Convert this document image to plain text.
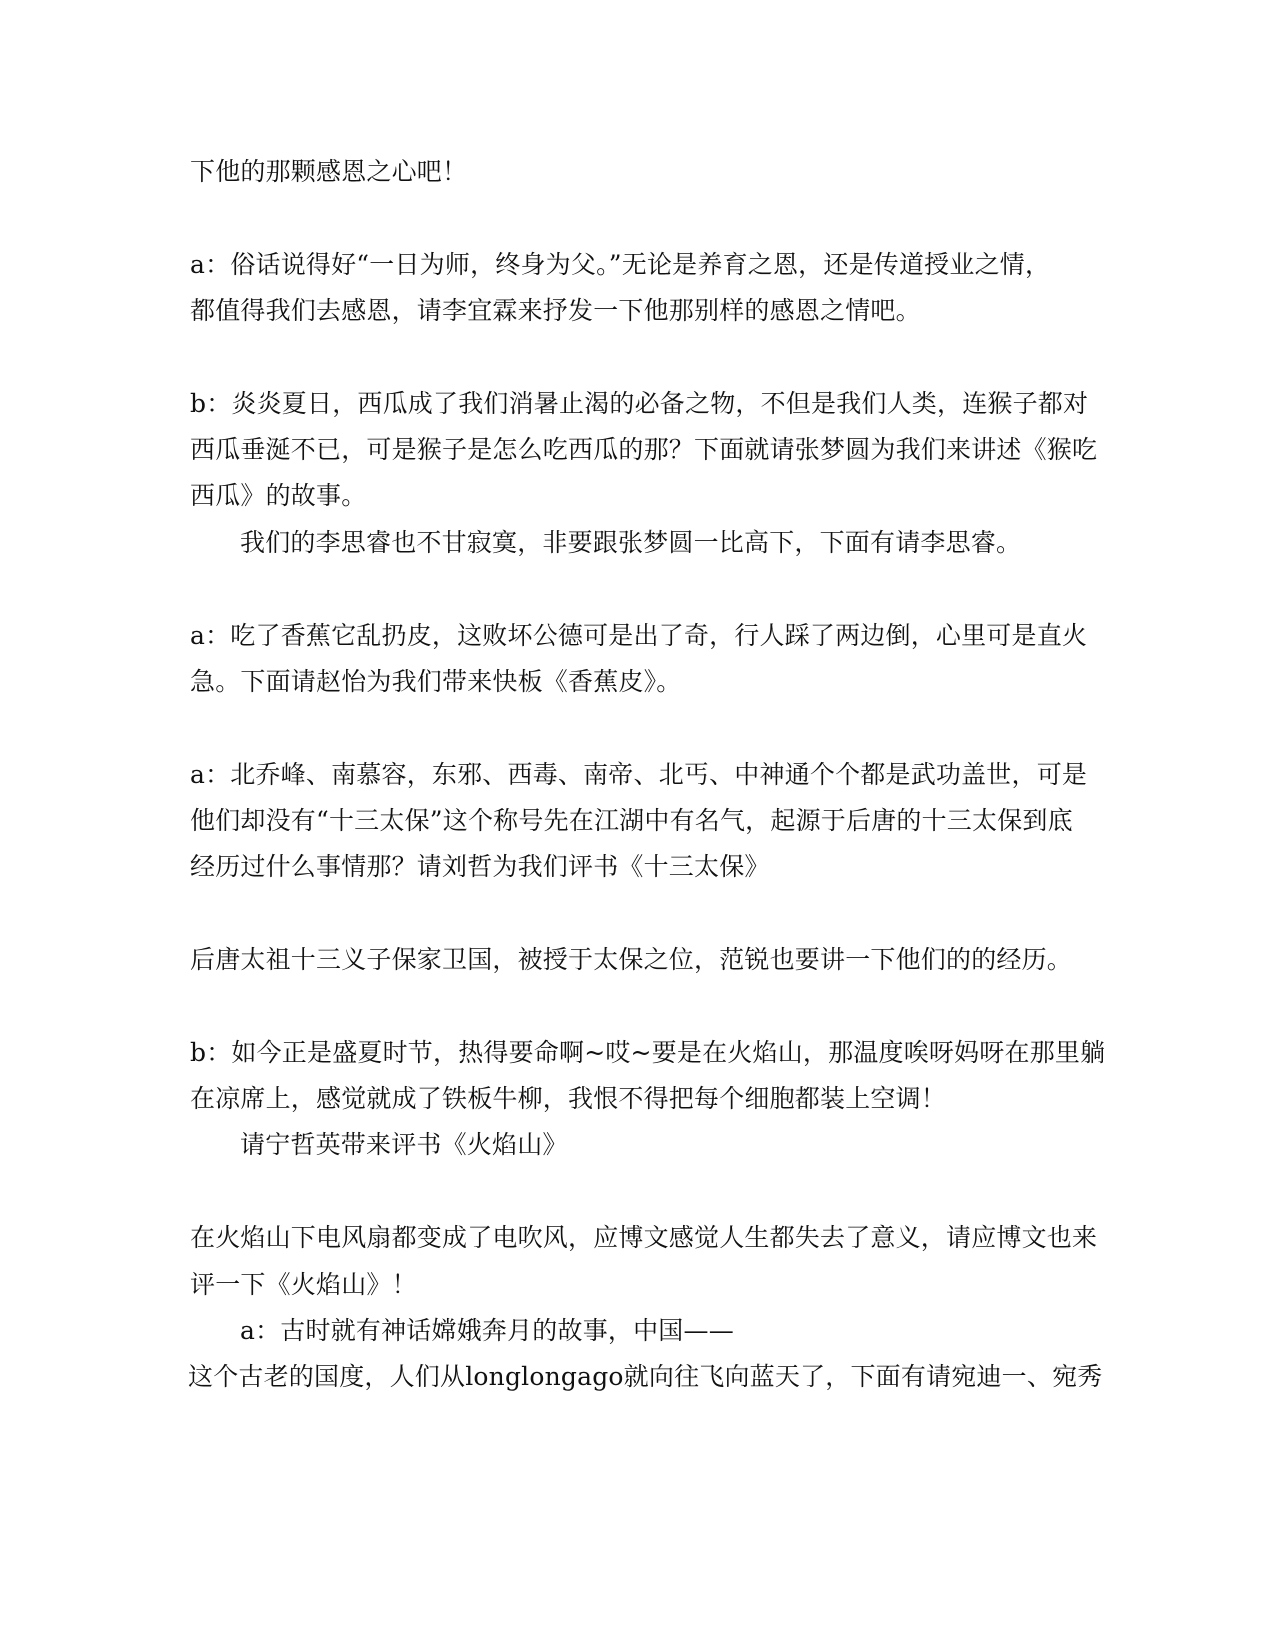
下他的那颗感恩之心吧！
a：俗话说得好“一日为师，终身为父。”无论是养育之恩，还是传道授业之情，
都值得我们去感恩，请李宜霖来抒发一下他那别样的感恩之情吧。
b：炎炎夏日，西瓜成了我们消暑止渴的必备之物，不但是我们人类，连猴子都对
西瓜垂涎不已，可是猴子是怎么吃西瓜的那？下面就请张梦圆为我们来讲述《猴吃
西瓜》的故事。
我们的李思睿也不甘寂寞，非要跟张梦圆一比高下，下面有请李思睿。
a：吃了香蕉它乱扔皮，这败坏公德可是出了奇，行人踩了两边倒，心里可是直火
急。下面请赵怡为我们带来快板《香蕉皮》。
a：北乔峰、南慕容，东邪、西毒、南帝、北丐、中神通个个都是武功盖世，可是
他们却没有“十三太保”这个称号先在江湖中有名气，起源于后唐的十三太保到底
经历过什么事情那？请刘哲为我们评书《十三太保》
后唐太祖十三义子保家卫国，被授于太保之位，范锐也要讲一下他们的的经历。
b：如今正是盛夏时节，热得要命啊~哎~要是在火焰山，那温度唉呀妈呀在那里躺
在凉席上，感觉就成了铁板牛柳，我恨不得把每个细胞都装上空调！
请宁哲英带来评书《火焰山》
在火焰山下电风扇都变成了电吹风，应博文感觉人生都失去了意义，请应博文也来
评一下《火焰山》！
a：古时就有神话嫦娥奔月的故事，中国——
这个古老的国度，人们从longlongago就向往飞向蓝天了，下面有请宛迪一、宛秀
